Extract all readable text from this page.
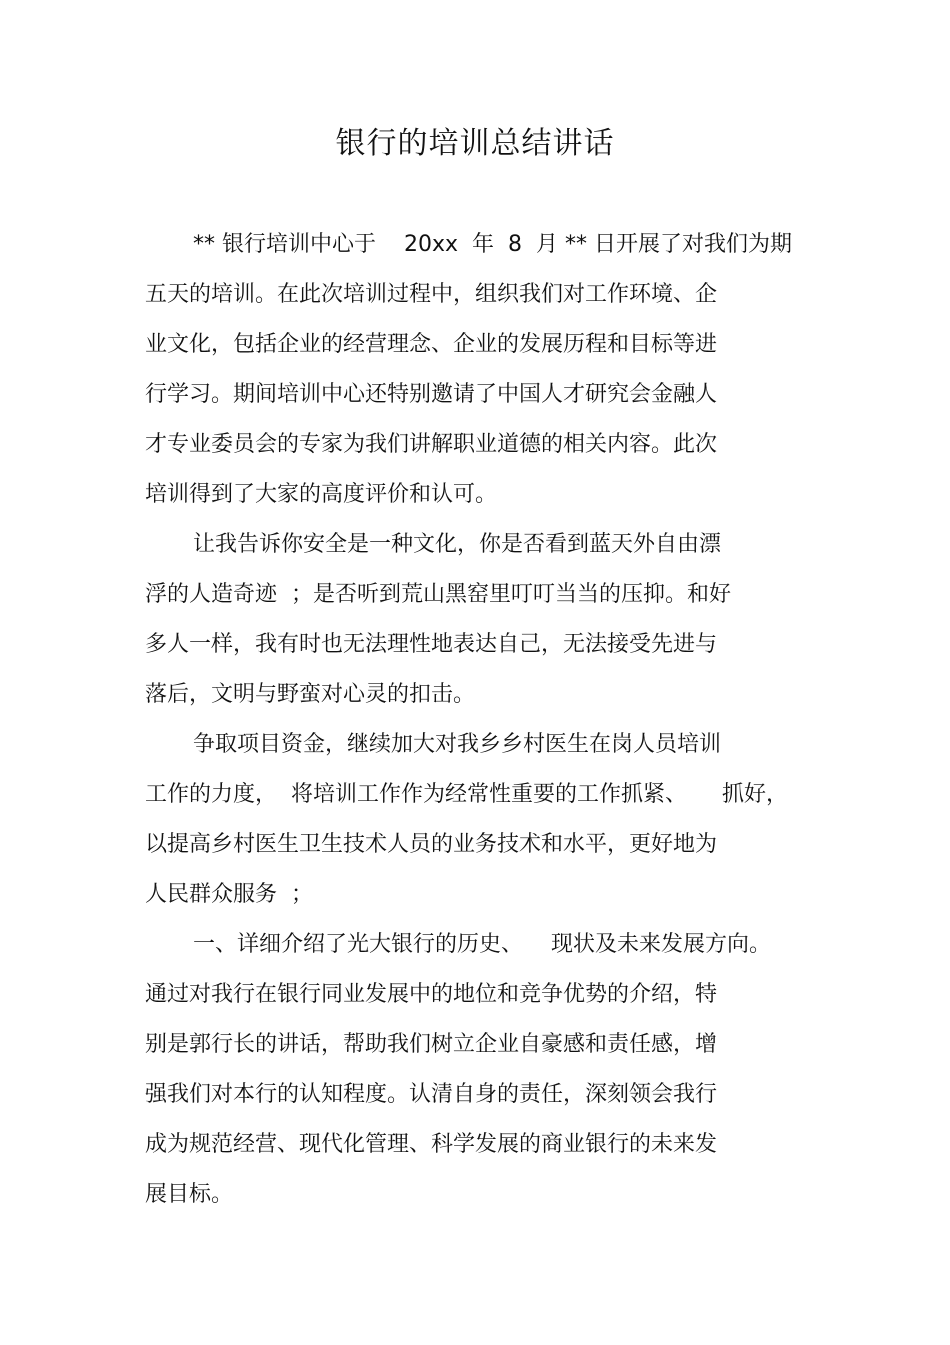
银行的培训总结讲话
** 银行培训中心于    20xx  年  8  月 ** 日开展了对我们为期
五天的培训。在此次培训过程中，组织我们对工作环境、企
业文化，包括企业的经营理念、企业的发展历程和目标等进
行学习。期间培训中心还特别邀请了中国人才研究会金融人
才专业委员会的专家为我们讲解职业道德的相关内容。此次
培训得到了大家的高度评价和认可。
让我告诉你安全是一种文化，你是否看到蓝天外自由漂
浮的人造奇迹  ；是否听到荒山黑窑里叮叮当当的压抑。和好
多人一样，我有时也无法理性地表达自己，无法接受先进与
落后，文明与野蛮对心灵的扣击。
争取项目资金，继续加大对我乡乡村医生在岗人员培训
工作的力度，  将培训工作作为经常性重要的工作抓紧、     抓好，
以提高乡村医生卫生技术人员的业务技术和水平，更好地为
人民群众服务  ；
一、详细介绍了光大银行的历史、    现状及未来发展方向。
通过对我行在银行同业发展中的地位和竞争优势的介绍，特
别是郭行长的讲话，帮助我们树立企业自豪感和责任感，增
强我们对本行的认知程度。认清自身的责任，深刻领会我行
成为规范经营、现代化管理、科学发展的商业银行的未来发
展目标。
